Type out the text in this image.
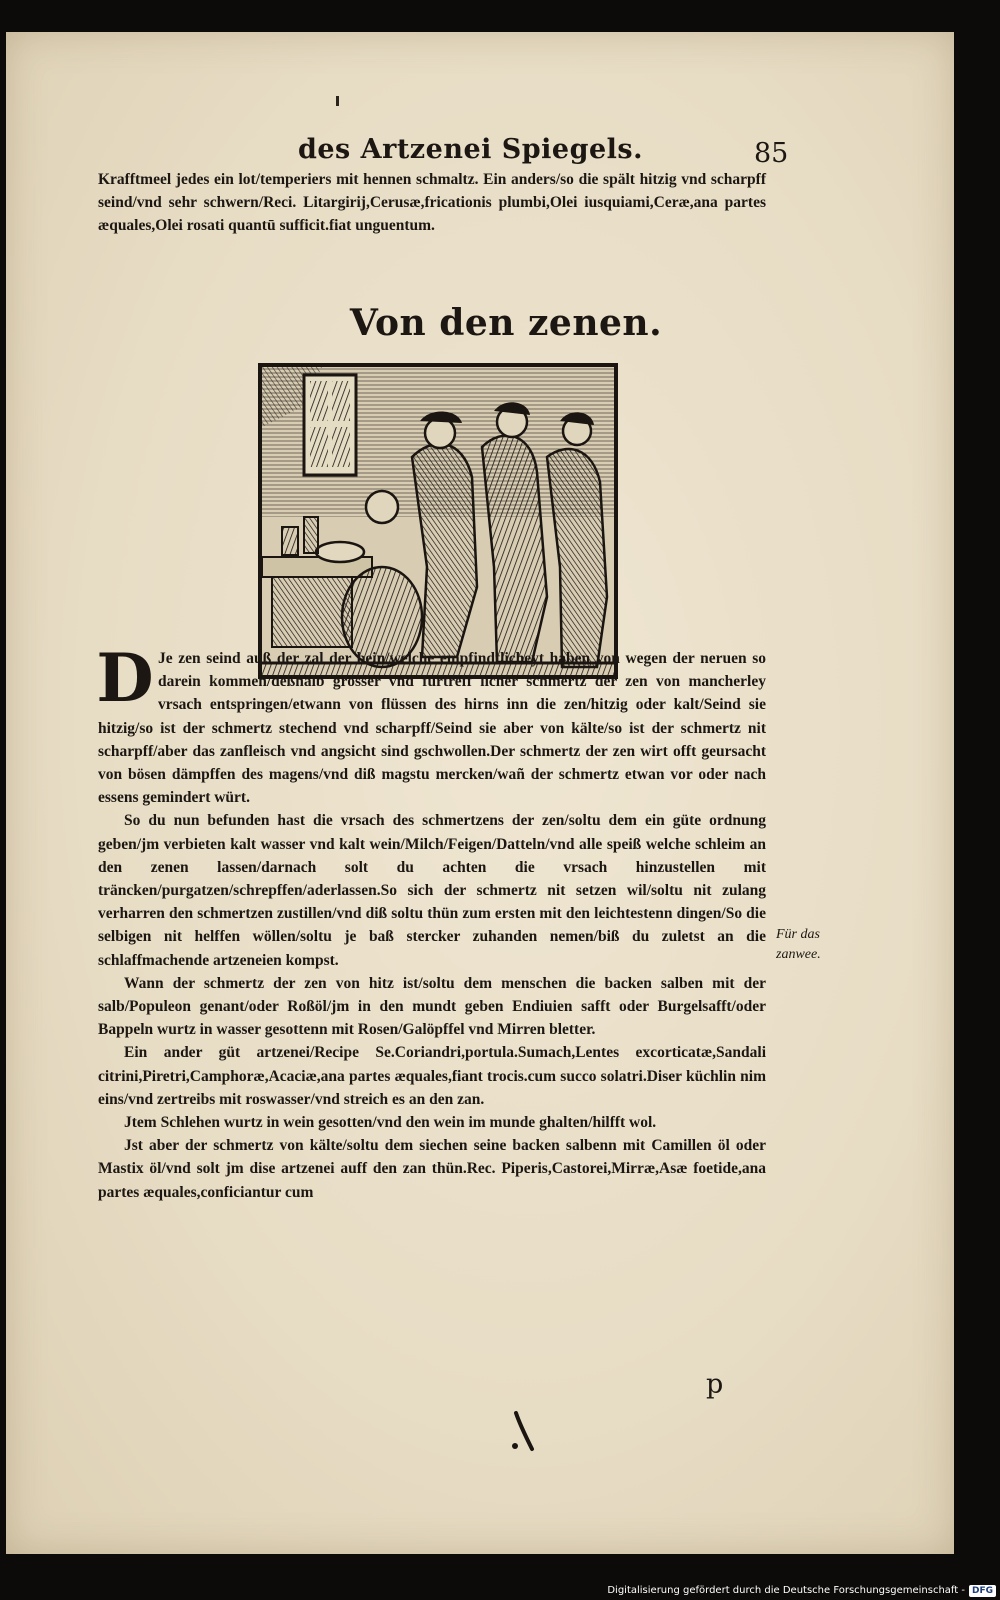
des Artzenei Spiegels.	85

Krafftmeel jedes ein lot/temperiers mit hennen schmaltz. Ein anders/so die spält hitzig vnd scharpff seind/vnd sehr schwern/Reci. Litargirij,Cerusæ,fricationis plumbi,Olei iusquiami,Ceræ,ana partes æquales,Olei rosati quantū sufficit.fiat unguentum.

Von den zenen.
D Je zen seind auß der zal der bein/welche empfindtlicheyt haben von wegen der neruen so darein kommen/deßhalb grosser vnd fürtreff licher schmertz der zen von mancherley vrsach entspringen/etwann von flüssen des hirns inn die zen/hitzig oder kalt/Seind sie hitzig/so ist der schmertz stechend vnd scharpff/Seind sie aber von kälte/so ist der schmertz nit scharpff/aber das zanfleisch vnd angsicht sind gschwollen.Der schmertz der zen wirt offt geursacht von bösen dämpffen des magens/vnd diß magstu mercken/wañ der schmertz etwan vor oder nach essens gemindert würt.

So du nun befunden hast die vrsach des schmertzens der zen/soltu dem ein güte ordnung geben/jm verbieten kalt wasser vnd kalt wein/Milch/Feigen/Datteln/vnd alle speiß welche schleim an den zenen lassen/darnach solt du achten die vrsach hinzustellen mit träncken/purgatzen/schrepffen/aderlassen.So sich der schmertz nit setzen wil/soltu nit zulang verharren den schmertzen zustillen/vnd diß soltu thün zum ersten mit den leichtestenn dingen/So die selbigen nit helffen wöllen/soltu je baß stercker zuhanden nemen/biß du zuletst an die schlaffmachende artzeneien kompst.

Wann der schmertz der zen von hitz ist/soltu dem menschen die backen salben mit der salb/Populeon genant/oder Roßöl/jm in den mundt geben Endiuien safft oder Burgelsafft/oder Bappeln wurtz in wasser gesottenn mit Rosen/Galöpffel vnd Mirren bletter.

Ein ander güt artzenei/Recipe Se.Coriandri,portula.Sumach,Lentes excorticatæ,Sandali citrini,Piretri,Camphoræ,Acaciæ,ana partes æquales,fiant trocis.cum succo solatri.Diser küchlin nim eins/vnd zertreibs mit roswasser/vnd streich es an den zan.

Jtem Schlehen wurtz in wein gesotten/vnd den wein im munde ghalten/hilfft wol.

Jst aber der schmertz von kälte/soltu dem siechen seine backen salbenn mit Camillen öl oder Mastix öl/vnd solt jm dise artzenei auff den zan thün.Rec. Piperis,Castorei,Mirræ,Asæ foetide,ana partes æquales,conficiantur cum

Für das zanwee.
p
Digitalisierung gefördert durch die Deutsche Forschungsgemeinschaft - DFG
